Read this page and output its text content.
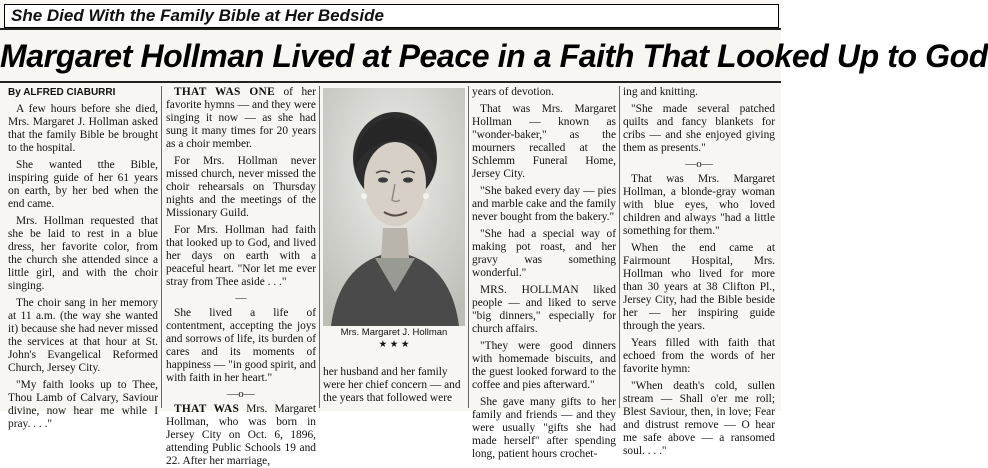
She Died With the Family Bible at Her Bedside
Margaret Hollman Lived at Peace in a Faith That Looked Up to God
By ALFRED CIABURRI

A few hours before she died, Mrs. Margaret J. Hollman asked that the family Bible be brought to the hospital.

She wanted tthe Bible, inspiring guide of her 61 years on earth, by her bed when the end came.

Mrs. Hollman requested that she be laid to rest in a blue dress, her favorite color, from the church she attended since a little girl, and with the choir singing.

The choir sang in her memory at 11 a.m. (the way she wanted it) because she had never missed the services at that hour at St. John's Evangelical Reformed Church, Jersey City.

"My faith looks up to Thee, Thou Lamb of Calvary, Saviour divine, now hear me while I pray. . . ."

THAT WAS ONE of her favorite hymns — and they were singing it now — as she had sung it many times for 20 years as a choir member.

For Mrs. Hollman never missed church, never missed the choir rehearsals on Thursday nights and the meetings of the Missionary Guild.

For Mrs. Hollman had faith that looked up to God, and lived her days on earth with a peaceful heart. "Nor let me ever stray from Thee aside . . ."

—

She lived a life of contentment, accepting the joys and sorrows of life, its burden of cares and its moments of happiness — "in good spirit, and with faith in her heart."

—o—

THAT WAS Mrs. Margaret Hollman, who was born in Jersey City on Oct. 6, 1896, attending Public Schools 19 and 22. After her marriage,

Mrs. Margaret J. Hollman
★ ★ ★
her husband and her family were her chief concern — and the years that followed were

years of devotion.

That was Mrs. Margaret Hollman — known as "wonder-baker," as the mourners recalled at the Schlemm Funeral Home, Jersey City.

"She baked every day — pies and marble cake and the family never bought from the bakery."

"She had a special way of making pot roast, and her gravy was something wonderful."

MRS. HOLLMAN liked people — and liked to serve "big dinners," especially for church affairs.

"They were good dinners with homemade biscuits, and the guest looked forward to the coffee and pies afterward."

She gave many gifts to her family and friends — and they were usually "gifts she had made herself" after spending long, patient hours crochet-

ing and knitting.

"She made several patched quilts and fancy blankets for cribs — and she enjoyed giving them as presents."

—o—

That was Mrs. Margaret Hollman, a blonde-gray woman with blue eyes, who loved children and always "had a little something for them."

When the end came at Fairmount Hospital, Mrs. Hollman who lived for more than 30 years at 38 Clifton Pl., Jersey City, had the Bible beside her — her inspiring guide through the years.

Years filled with faith that echoed from the words of her favorite hymn:

"When death's cold, sullen stream — Shall o'er me roll; Blest Saviour, then, in love; Fear and distrust remove — O hear me safe above — a ransomed soul. . . ."
